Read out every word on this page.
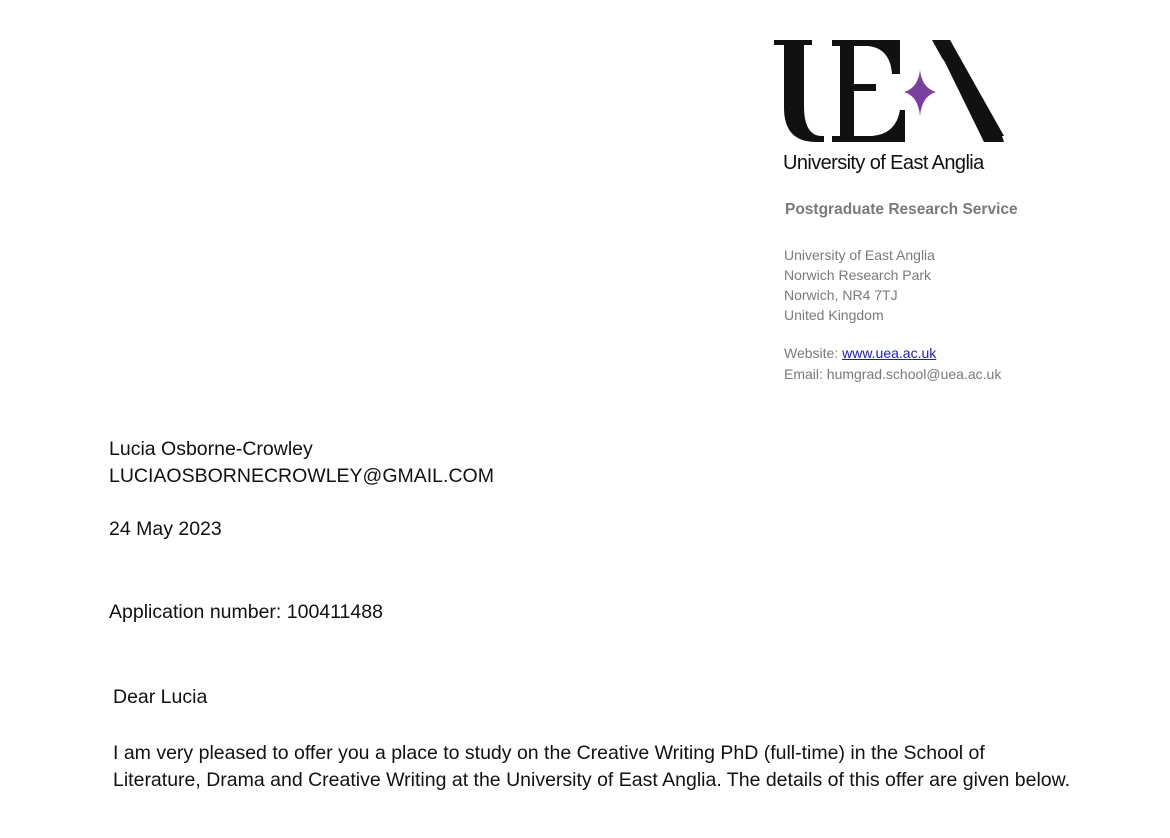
University of East Anglia
Postgraduate Research Service
University of East Anglia
Norwich Research Park
Norwich, NR4 7TJ
United Kingdom
Website: www.uea.ac.uk
Email: humgrad.school@uea.ac.uk
Lucia Osborne-Crowley
LUCIAOSBORNECROWLEY@GMAIL.COM
24 May 2023
Application number: 100411488
Dear Lucia
I am very pleased to offer you a place to study on the Creative Writing PhD (full-time) in the School of Literature, Drama and Creative Writing at the University of East Anglia. The details of this offer are given below.
